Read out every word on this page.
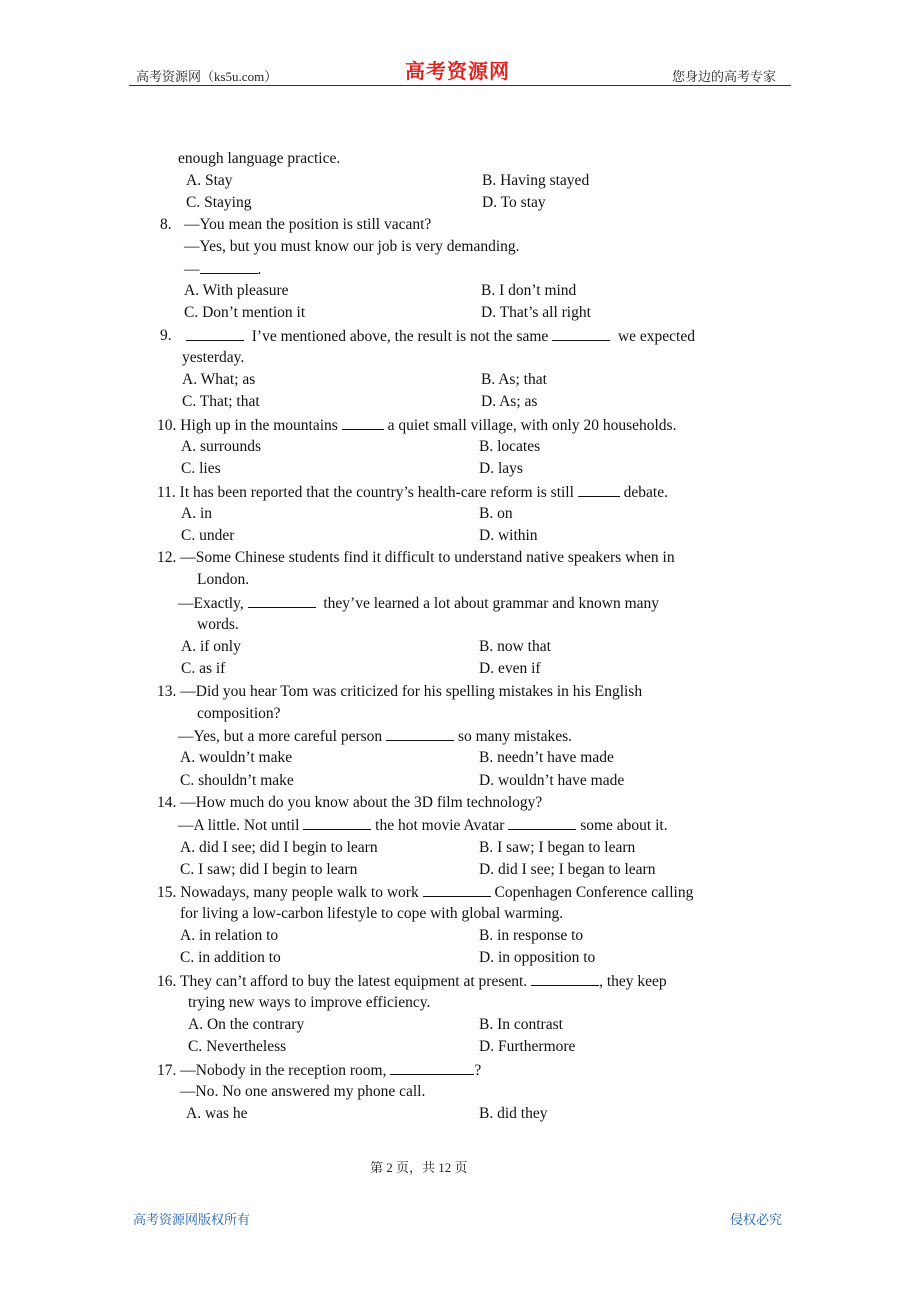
高考资源网（ks5u.com）	高考资源网	您身边的高考专家
enough language practice.
A. Stay	B. Having stayed
C. Staying	D. To stay
8. —You mean the position is still vacant?
—Yes, but you must know our job is very demanding.
—	.
A. With pleasure	B. I don’t mind
C. Don’t mention it	D. That’s all right
9.	I’ve mentioned above, the result is not the same	we expected
yesterday.
A. What; as	B. As; that
C. That; that	D. As; as
10. High up in the mountains	a quiet small village, with only 20 households.
A. surrounds	B. locates
C. lies	D. lays
11. It has been reported that the country’s health-care reform is still	debate.
A. in	B. on
C. under	D. within
12. —Some Chinese students find it difficult to understand native speakers when in
London.
—Exactly,	they’ve learned a lot about grammar and known many
words.
A. if only	B. now that
C. as if	D. even if
13. —Did you hear Tom was criticized for his spelling mistakes in his English
composition?
—Yes, but a more careful person	so many mistakes.
A. wouldn’t make	B. needn’t have made
C. shouldn’t make	D. wouldn’t have made
14. —How much do you know about the 3D film technology?
—A little. Not until	the hot movie Avatar	some about it.
A. did I see; did I begin to learn	B. I saw; I began to learn
C. I saw; did I begin to learn	D. did I see; I began to learn
15. Nowadays, many people walk to work	Copenhagen Conference calling
for living a low-carbon lifestyle to cope with global warming.
A. in relation to	B. in response to
C. in addition to	D. in opposition to
16. They can’t afford to buy the latest equipment at present.	, they keep
trying new ways to improve efficiency.
A. On the contrary	B. In contrast
C. Nevertheless	D. Furthermore
17. —Nobody in the reception room,	?
—No. No one answered my phone call.
A. was he	B. did they
第 2 页，共 12 页
高考资源网版权所有	侵权必究
